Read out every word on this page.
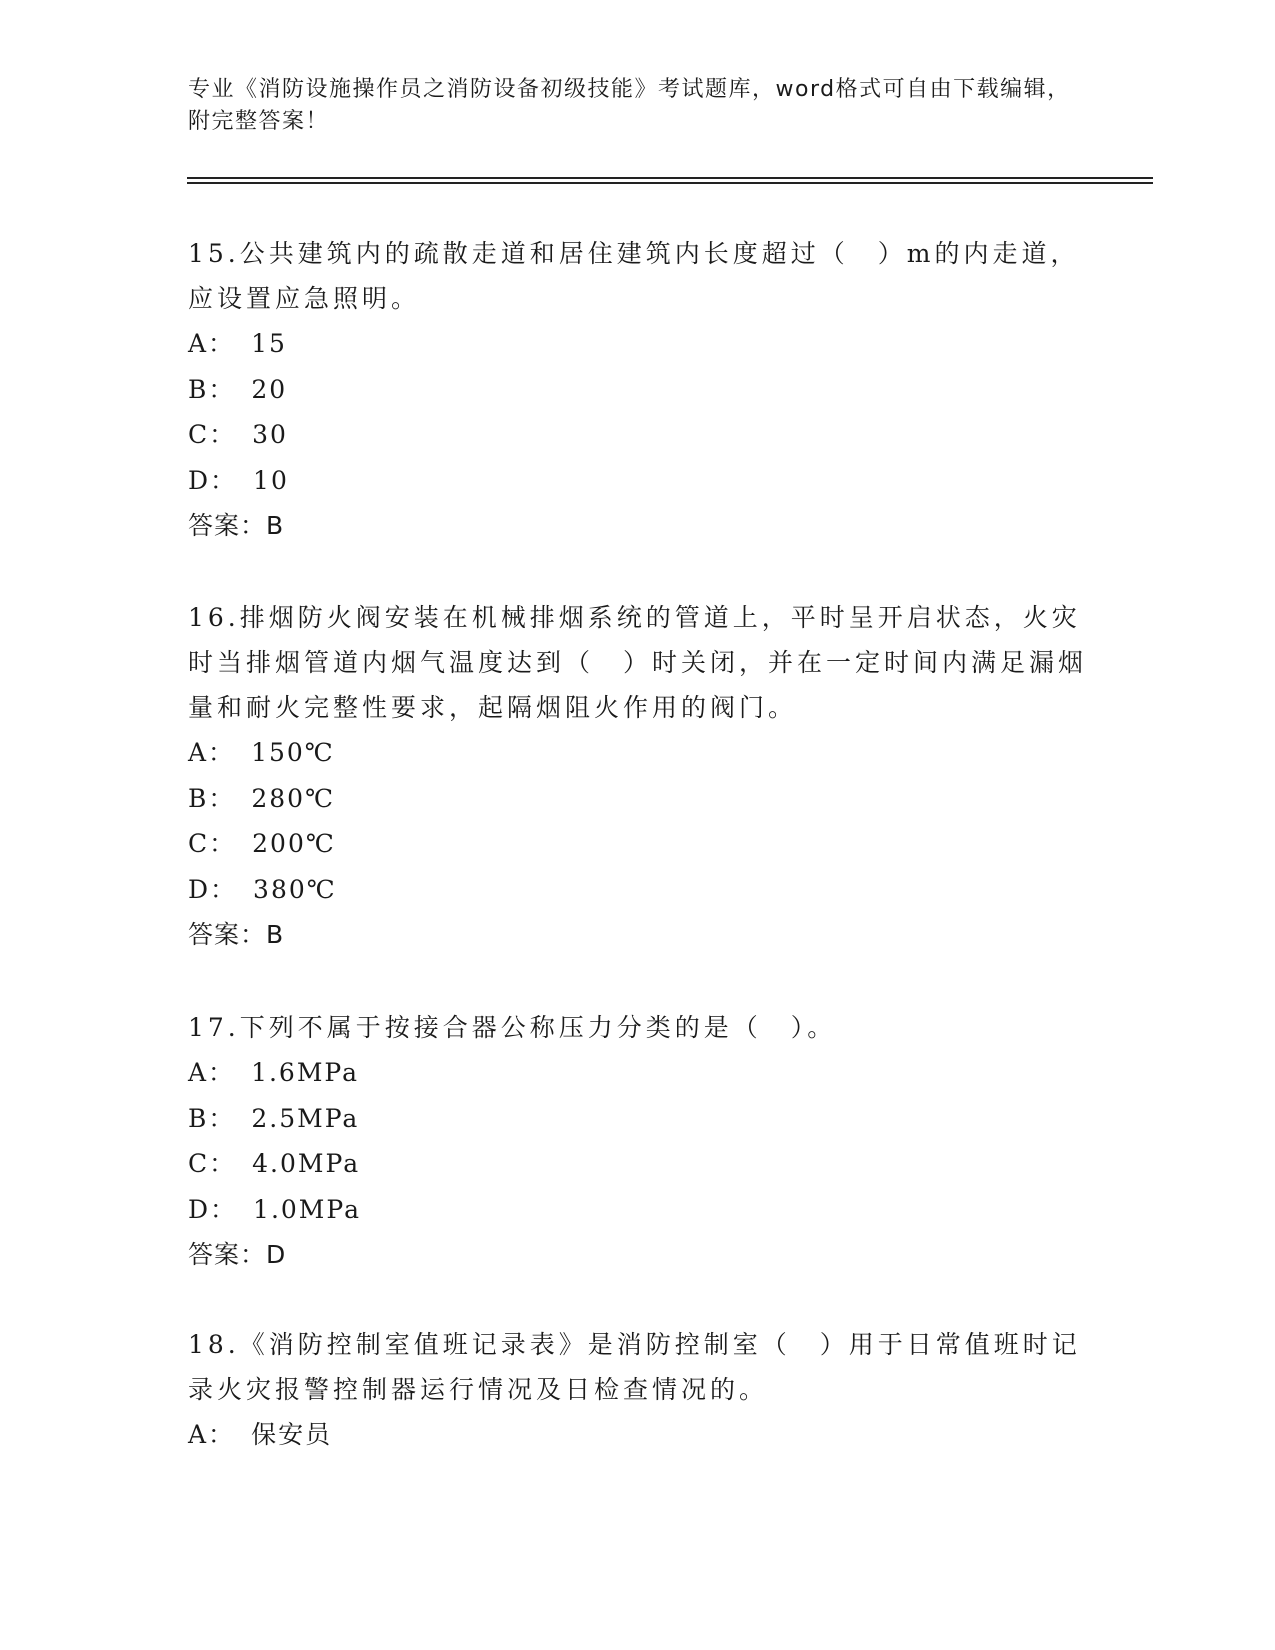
专业《消防设施操作员之消防设备初级技能》考试题库，word格式可自由下载编辑，附完整答案！

15.公共建筑内的疏散走道和居住建筑内长度超过（　）m的内走道，应设置应急照明。

A： 15
B： 20
C： 30
D： 10
答案：B

16.排烟防火阀安装在机械排烟系统的管道上，平时呈开启状态，火灾时当排烟管道内烟气温度达到（　）时关闭，并在一定时间内满足漏烟量和耐火完整性要求，起隔烟阻火作用的阀门。

A： 150℃
B： 280℃
C： 200℃
D： 380℃
答案：B

17.下列不属于按接合器公称压力分类的是（　）。

A： 1.6MPa
B： 2.5MPa
C： 4.0MPa
D： 1.0MPa
答案：D

18.《消防控制室值班记录表》是消防控制室（　）用于日常值班时记录火灾报警控制器运行情况及日检查情况的。

A： 保安员
